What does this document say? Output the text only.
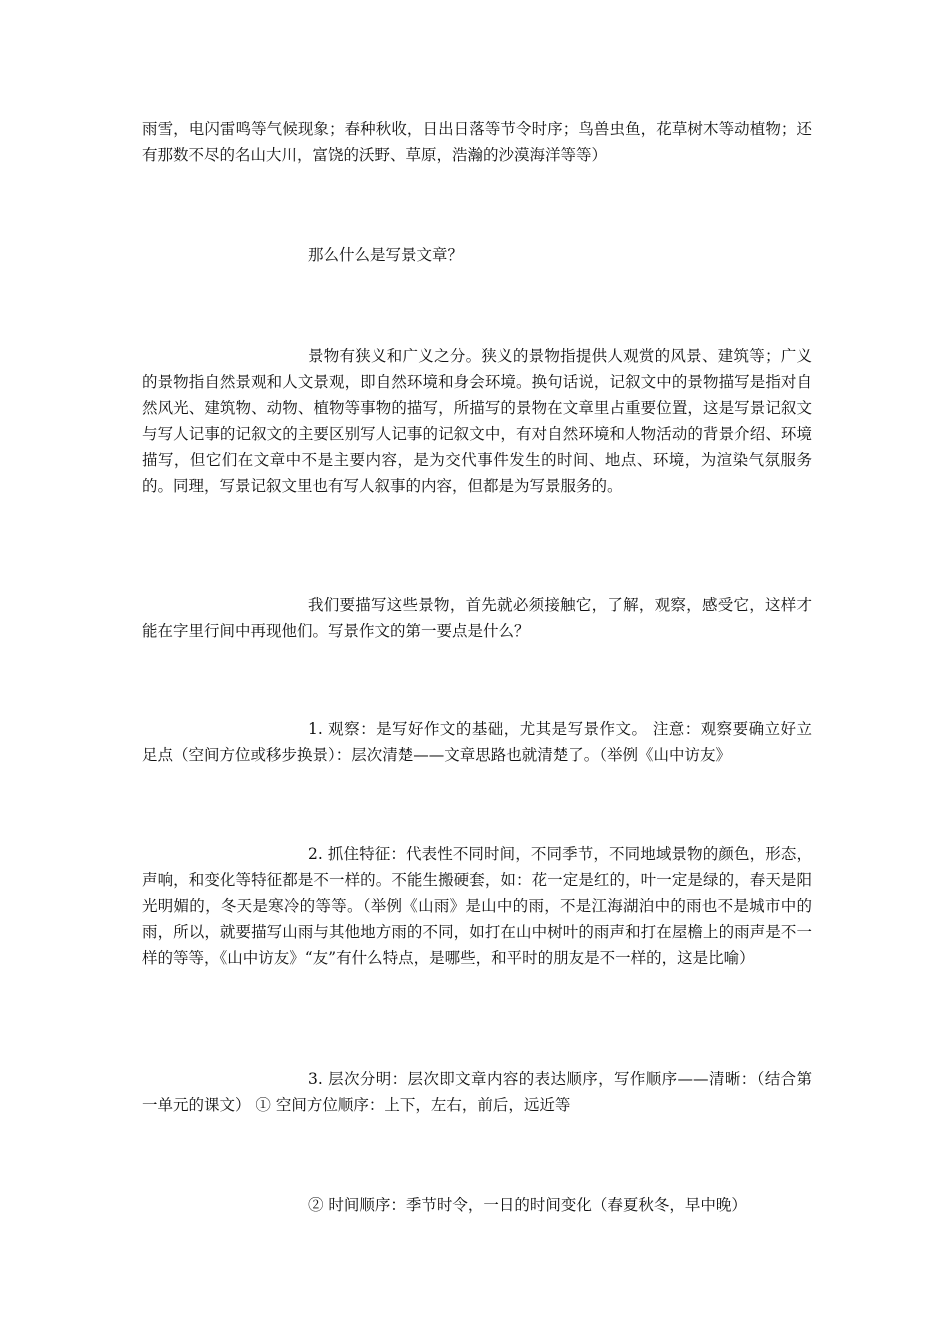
雨雪，电闪雷鸣等气候现象；春种秋收，日出日落等节令时序；鸟兽虫鱼，花草树木等动植物；还有那数不尽的名山大川，富饶的沃野、草原，浩瀚的沙漠海洋等等）

那么什么是写景文章？

景物有狭义和广义之分。狭义的景物指提供人观赏的风景、建筑等；广义的景物指自然景观和人文景观，即自然环境和身会环境。换句话说，记叙文中的景物描写是指对自然风光、建筑物、动物、植物等事物的描写，所描写的景物在文章里占重要位置，这是写景记叙文与写人记事的记叙文的主要区别写人记事的记叙文中，有对自然环境和人物活动的背景介绍、环境描写，但它们在文章中不是主要内容，是为交代事件发生的时间、地点、环境，为渲染气氛服务的。同理，写景记叙文里也有写人叙事的内容，但都是为写景服务的。

我们要描写这些景物，首先就必须接触它，了解，观察，感受它，这样才能在字里行间中再现他们。写景作文的第一要点是什么？

1. 观察：是写好作文的基础，尤其是写景作文。 注意：观察要确立好立足点（空间方位或移步换景）：层次清楚——文章思路也就清楚了。（举例《山中访友》

2. 抓住特征：代表性不同时间，不同季节，不同地域景物的颜色，形态，声响，和变化等特征都是不一样的。不能生搬硬套，如：花一定是红的，叶一定是绿的，春天是阳光明媚的，冬天是寒冷的等等。（举例《山雨》是山中的雨，不是江海湖泊中的雨也不是城市中的雨，所以，就要描写山雨与其他地方雨的不同，如打在山中树叶的雨声和打在屋檐上的雨声是不一样的等等，《山中访友》“友”有什么特点，是哪些，和平时的朋友是不一样的，这是比喻）

3. 层次分明：层次即文章内容的表达顺序，写作顺序——清晰：（结合第一单元的课文） ① 空间方位顺序：上下，左右，前后，远近等

② 时间顺序：季节时令，一日的时间变化（春夏秋冬，早中晚）
